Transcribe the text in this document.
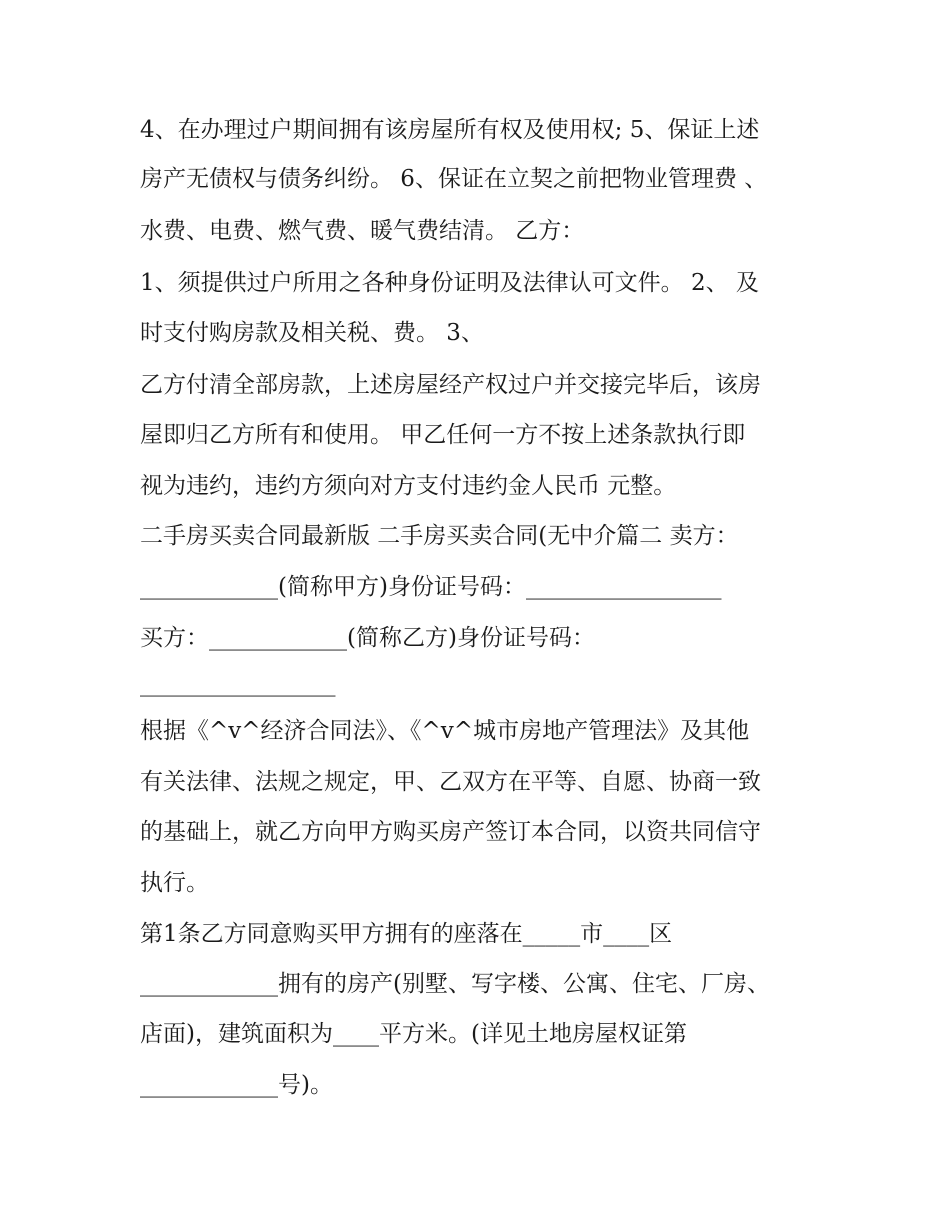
4、在办理过户期间拥有该房屋所有权及使用权; 5、保证上述
房产无债权与债务纠纷。 6、保证在立契之前把物业管理费 、
水费、电费、燃气费、暖气费结清。 乙方：
1、须提供过户所用之各种身份证明及法律认可文件。 2、 及
时支付购房款及相关税、费。 3、
乙方付清全部房款，上述房屋经产权过户并交接完毕后，该房
屋即归乙方所有和使用。 甲乙任何一方不按上述条款执行即
视为违约，违约方须向对方支付违约金人民币 元整。
二手房买卖合同最新版 二手房买卖合同(无中介篇二 卖方：
____________(简称甲方)身份证号码：_________________
买方：____________(简称乙方)身份证号码：
_________________
根据《^v^经济合同法》、《^v^城市房地产管理法》及其他
有关法律、法规之规定，甲、乙双方在平等、自愿、协商一致
的基础上，就乙方向甲方购买房产签订本合同，以资共同信守
执行。
第1条乙方同意购买甲方拥有的座落在_____市____区
____________拥有的房产(别墅、写字楼、公寓、住宅、厂房、
店面)，建筑面积为____平方米。(详见土地房屋权证第
____________号)。
